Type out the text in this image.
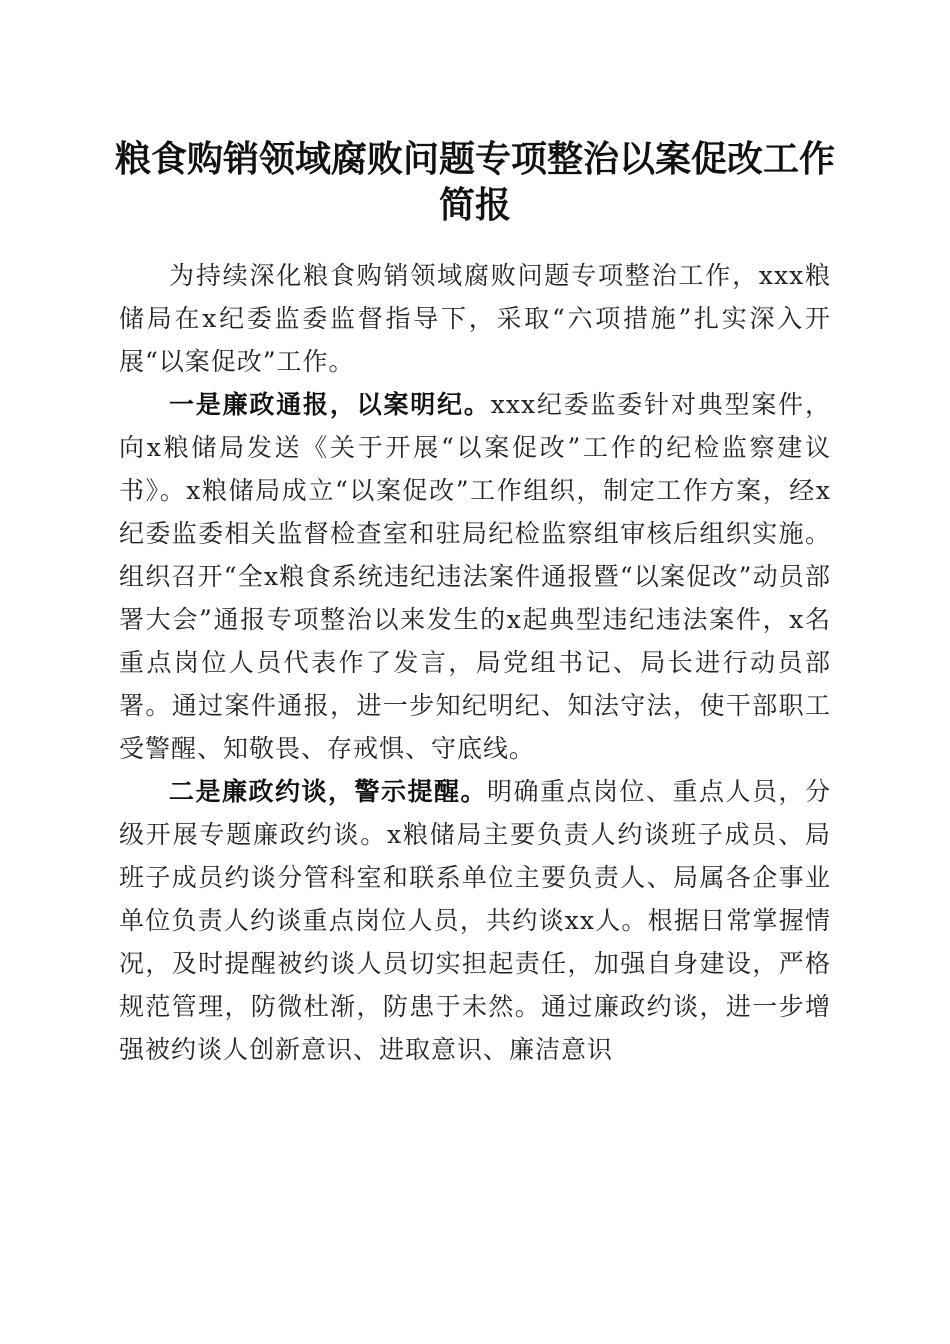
粮食购销领域腐败问题专项整治以案促改工作
简报

为持续深化粮食购销领域腐败问题专项整治工作，xxx粮储局在x纪委监委监督指导下，采取“六项措施”扎实深入开展“以案促改”工作。

一是廉政通报，以案明纪。xxx纪委监委针对典型案件，向x粮储局发送《关于开展“以案促改”工作的纪检监察建议书》。x粮储局成立“以案促改”工作组织，制定工作方案，经x纪委监委相关监督检查室和驻局纪检监察组审核后组织实施。组织召开“全x粮食系统违纪违法案件通报暨“以案促改”动员部署大会”通报专项整治以来发生的x起典型违纪违法案件，x名重点岗位人员代表作了发言，局党组书记、局长进行动员部署。通过案件通报，进一步知纪明纪、知法守法，使干部职工受警醒、知敬畏、存戒惧、守底线。

二是廉政约谈，警示提醒。明确重点岗位、重点人员，分级开展专题廉政约谈。x粮储局主要负责人约谈班子成员、局班子成员约谈分管科室和联系单位主要负责人、局属各企事业单位负责人约谈重点岗位人员，共约谈xx人。根据日常掌握情况，及时提醒被约谈人员切实担起责任，加强自身建设，严格规范管理，防微杜渐，防患于未然。通过廉政约谈，进一步增强被约谈人创新意识、进取意识、廉洁意识
